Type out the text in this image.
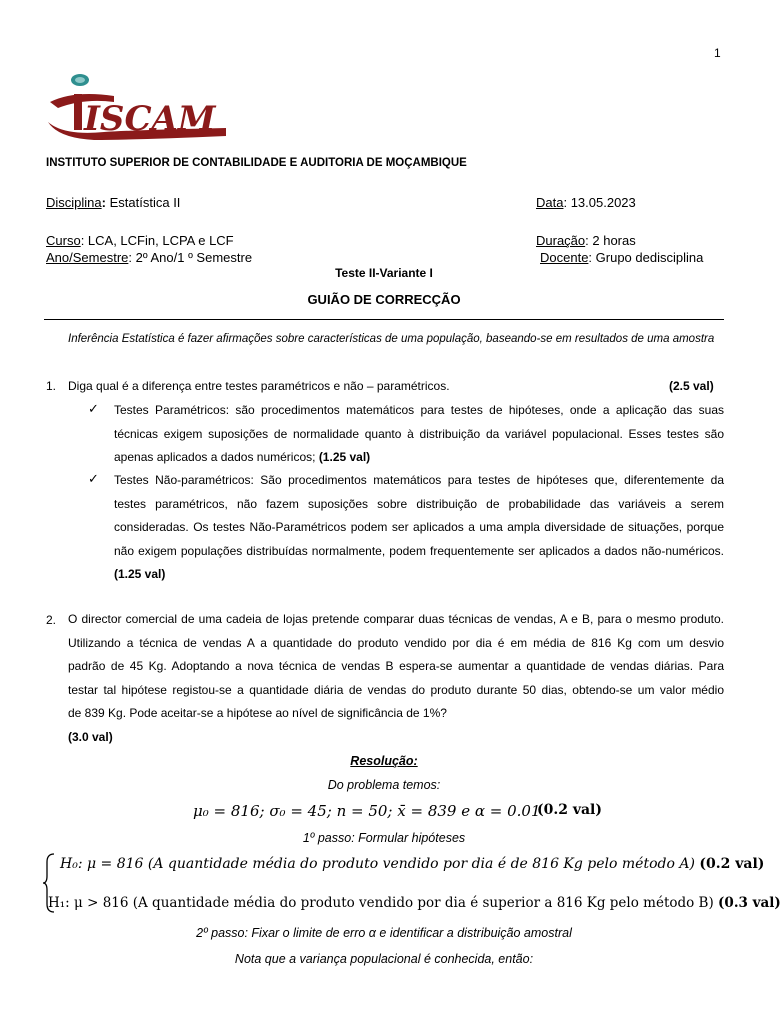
1
ISCAM
INSTITUTO SUPERIOR DE CONTABILIDADE E AUDITORIA DE MOÇAMBIQUE
Disciplina: Estatística II	Data: 13.05.2023
Curso: LCA, LCFin, LCPA e LCF	Duração: 2 horas
Ano/Semestre: 2º Ano/1 º Semestre	Docente: Grupo dedisciplina
Teste II-Variante I
GUIÃO DE CORRECÇÃO
Inferência Estatística é fazer afirmações sobre características de uma população, baseando-se em resultados de uma amostra
1. Diga qual é a diferença entre testes paramétricos e não – paramétricos.	(2.5 val)
✓ Testes Paramétricos: são procedimentos matemáticos para testes de hipóteses, onde a aplicação das suas
técnicas exigem suposições de normalidade quanto à distribuição da variável populacional. Esses testes são
apenas aplicados a dados numéricos; (1.25 val)
✓ Testes Não-paramétricos: São procedimentos matemáticos para testes de hipóteses que, diferentemente da
testes paramétricos, não fazem suposições sobre distribuição de probabilidade das variáveis a serem
consideradas. Os testes Não-Paramétricos podem ser aplicados a uma ampla diversidade de situações, porque
não exigem populações distribuídas normalmente, podem frequentemente ser aplicados a dados não-numéricos.
(1.25 val)
2. O director comercial de uma cadeia de lojas pretende comparar duas técnicas de vendas, A e B, para o mesmo produto.
Utilizando a técnica de vendas A a quantidade do produto vendido por dia é em média de 816 Kg com um desvio
padrão de 45 Kg. Adoptando a nova técnica de vendas B espera-se aumentar a quantidade de vendas diárias. Para
testar tal hipótese registou-se a quantidade diária de vendas do produto durante 50 dias, obtendo-se um valor médio
de 839 Kg. Pode aceitar-se a hipótese ao nível de significância de 1%?
(3.0 val)
Resolução:
Do problema temos:
μ₀ = 816; σ₀ = 45; n = 50; x̄ = 839 e α = 0.01
(0.2 val)
1º passo: Formular hipóteses
H₀: μ = 816 (A quantidade média do produto vendido por dia é de 816 Kg pelo método A) (0.2 val)
H₁: μ > 816 (A quantidade média do produto vendido por dia é superior a 816 Kg pelo método B) (0.3 val)
2º passo: Fixar o limite de erro α e identificar a distribuição amostral
Nota que a variança populacional é conhecida, então:
